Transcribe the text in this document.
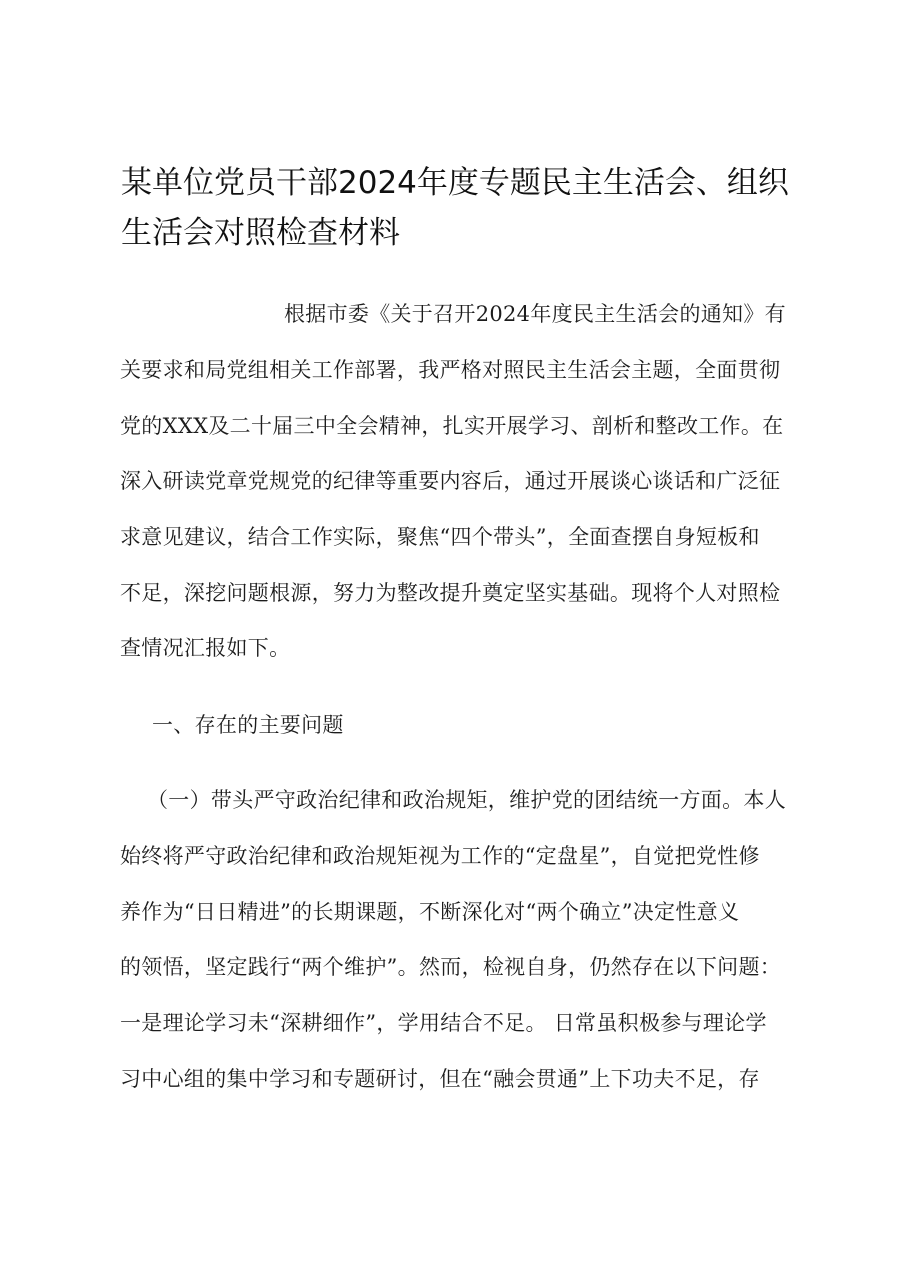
某单位党员干部2024年度专题民主生活会、组织生活会对照检查材料

根据市委《关于召开2024年度民主生活会的通知》有

关要求和局党组相关工作部署，我严格对照民主生活会主题，全面贯彻

党的XXX及二十届三中全会精神，扎实开展学习、剖析和整改工作。在

深入研读党章党规党的纪律等重要内容后，通过开展谈心谈话和广泛征

求意见建议，结合工作实际，聚焦“四个带头”，全面查摆自身短板和

不足，深挖问题根源，努力为整改提升奠定坚实基础。现将个人对照检

查情况汇报如下。

一、存在的主要问题

（一）带头严守政治纪律和政治规矩，维护党的团结统一方面。本人

始终将严守政治纪律和政治规矩视为工作的“定盘星”，自觉把党性修

养作为“日日精进”的长期课题，不断深化对“两个确立”决定性意义

的领悟，坚定践行“两个维护”。然而，检视自身，仍然存在以下问题：

一是理论学习未“深耕细作”，学用结合不足。 日常虽积极参与理论学

习中心组的集中学习和专题研讨，但在“融会贯通”上下功夫不足，存
